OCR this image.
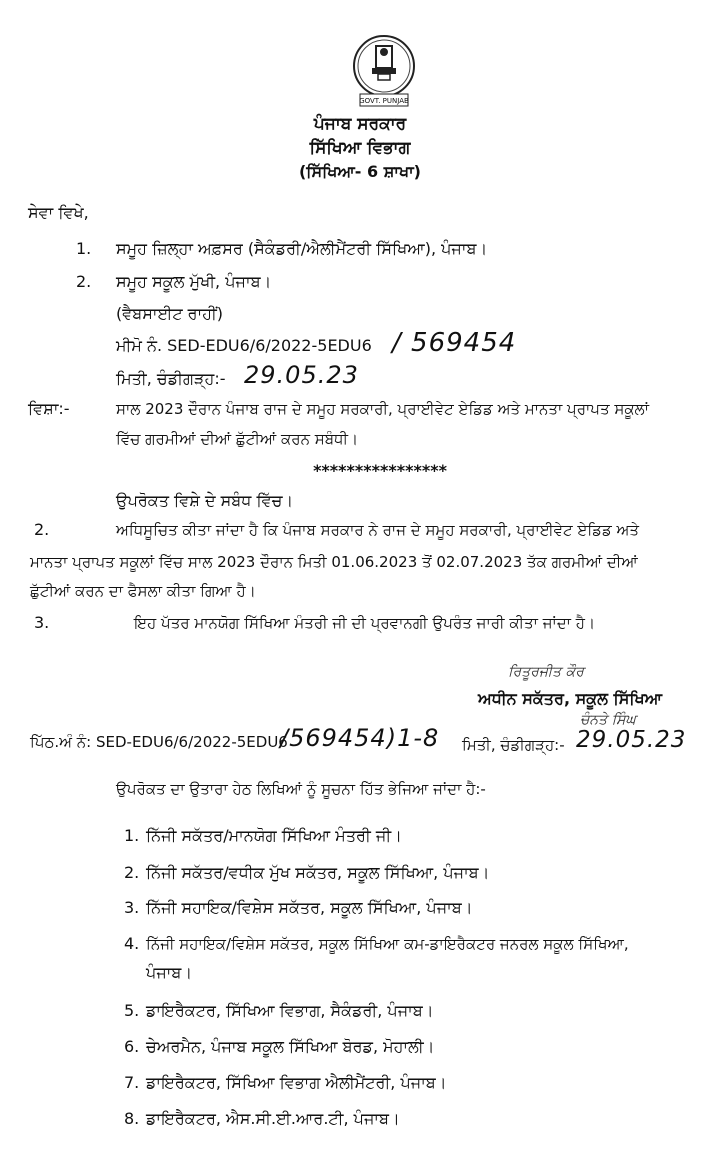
GOVT. PUNJAB
ਪੰਜਾਬ ਸਰਕਾਰ
ਸਿੱਖਿਆ ਵਿਭਾਗ
(ਸਿੱਖਿਆ- 6 ਸ਼ਾਖਾ)
ਸੇਵਾ ਵਿਖੇ,
1. ਸਮੂਹ ਜ਼ਿਲ੍ਹਾ ਅਫ਼ਸਰ (ਸੈਕੰਡਰੀ/ਐਲੀਮੈਂਟਰੀ ਸਿੱਖਿਆ), ਪੰਜਾਬ।
2. ਸਮੂਹ ਸਕੂਲ ਮੁੱਖੀ, ਪੰਜਾਬ।
(ਵੈਬਸਾਈਟ ਰਾਹੀਂ)
ਮੀਮੋ ਨੰ. SED-EDU6/6/2022-5EDU6 / 569454
ਮਿਤੀ, ਚੰਡੀਗੜ੍ਹ:- 29.05.23
ਵਿਸ਼ਾ:-	ਸਾਲ 2023 ਦੌਰਾਨ ਪੰਜਾਬ ਰਾਜ ਦੇ ਸਮੂਹ ਸਰਕਾਰੀ, ਪ੍ਰਾਈਵੇਟ ਏਡਿਡ ਅਤੇ ਮਾਨਤਾ ਪ੍ਰਾਪਤ ਸਕੂਲਾਂ
ਵਿੱਚ ਗਰਮੀਆਂ ਦੀਆਂ ਛੁੱਟੀਆਂ ਕਰਨ ਸਬੰਧੀ।
****************
ਉਪਰੋਕਤ ਵਿਸ਼ੇ ਦੇ ਸਬੰਧ ਵਿੱਚ।
2.	ਅਧਿਸੂਚਿਤ ਕੀਤਾ ਜਾਂਦਾ ਹੈ ਕਿ ਪੰਜਾਬ ਸਰਕਾਰ ਨੇ ਰਾਜ ਦੇ ਸਮੂਹ ਸਰਕਾਰੀ, ਪ੍ਰਾਈਵੇਟ ਏਡਿਡ ਅਤੇ
ਮਾਨਤਾ ਪ੍ਰਾਪਤ ਸਕੂਲਾਂ ਵਿੱਚ ਸਾਲ 2023 ਦੌਰਾਨ ਮਿਤੀ 01.06.2023 ਤੋਂ 02.07.2023 ਤੱਕ ਗਰਮੀਆਂ ਦੀਆਂ
ਛੁੱਟੀਆਂ ਕਰਨ ਦਾ ਫੈਸਲਾ ਕੀਤਾ ਗਿਆ ਹੈ।
3.	ਇਹ ਪੱਤਰ ਮਾਨਯੋਗ ਸਿੱਖਿਆ ਮੰਤਰੀ ਜੀ ਦੀ ਪ੍ਰਵਾਨਗੀ ਉਪਰੰਤ ਜਾਰੀ ਕੀਤਾ ਜਾਂਦਾ ਹੈ।
ਰਿਤੂਰਜੀਤ ਕੌਰ
ਅਧੀਨ ਸਕੱਤਰ, ਸਕੂਲ ਸਿੱਖਿਆ
ਚੰਨਤੇ ਸਿੰਘ
ਪਿੱਠ.ਅੰ ਨੰ: SED-EDU6/6/2022-5EDU6
/569454)1-8 ਮਿਤੀ, ਚੰਡੀਗੜ੍ਹ:- 29.05.23
ਉਪਰੋਕਤ ਦਾ ਉਤਾਰਾ ਹੇਠ ਲਿਖਿਆਂ ਨੂੰ ਸੂਚਨਾ ਹਿੱਤ ਭੇਜਿਆ ਜਾਂਦਾ ਹੈ:-
1. ਨਿੱਜੀ ਸਕੱਤਰ/ਮਾਨਯੋਗ ਸਿੱਖਿਆ ਮੰਤਰੀ ਜੀ।
2. ਨਿੱਜੀ ਸਕੱਤਰ/ਵਧੀਕ ਮੁੱਖ ਸਕੱਤਰ, ਸਕੂਲ ਸਿੱਖਿਆ, ਪੰਜਾਬ।
3. ਨਿੱਜੀ ਸਹਾਇਕ/ਵਿਸ਼ੇਸ ਸਕੱਤਰ, ਸਕੂਲ ਸਿੱਖਿਆ, ਪੰਜਾਬ।
4. ਨਿੱਜੀ ਸਹਾਇਕ/ਵਿਸ਼ੇਸ ਸਕੱਤਰ, ਸਕੂਲ ਸਿੱਖਿਆ ਕਮ-ਡਾਇਰੈਕਟਰ ਜਨਰਲ ਸਕੂਲ ਸਿੱਖਿਆ,
ਪੰਜਾਬ।
5. ਡਾਇਰੈਕਟਰ, ਸਿੱਖਿਆ ਵਿਭਾਗ, ਸੈਕੰਡਰੀ, ਪੰਜਾਬ।
6. ਚੇਅਰਮੈਨ, ਪੰਜਾਬ ਸਕੂਲ ਸਿੱਖਿਆ ਬੋਰਡ, ਮੋਹਾਲੀ।
7. ਡਾਇਰੈਕਟਰ, ਸਿੱਖਿਆ ਵਿਭਾਗ ਐਲੀਮੈਂਟਰੀ, ਪੰਜਾਬ।
8. ਡਾਇਰੈਕਟਰ, ਐਸ.ਸੀ.ਈ.ਆਰ.ਟੀ, ਪੰਜਾਬ।
